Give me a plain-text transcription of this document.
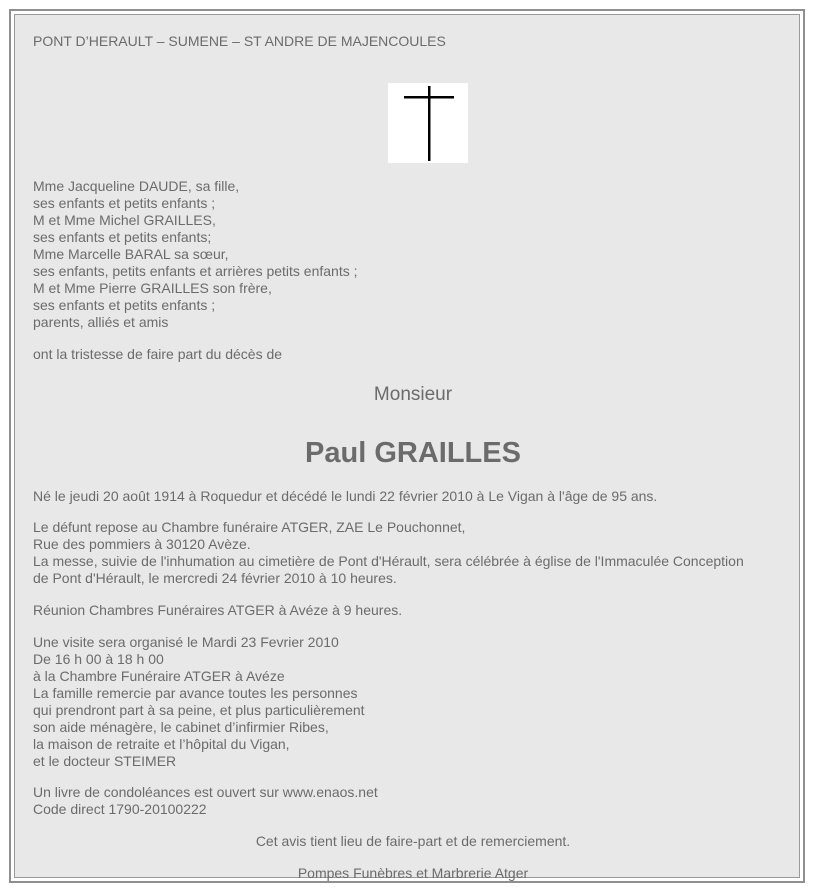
PONT D’HERAULT – SUMENE – ST ANDRE DE MAJENCOULES
Mme Jacqueline DAUDE, sa fille,
ses enfants et petits enfants ;
M et Mme Michel GRAILLES,
ses enfants et petits enfants;
Mme Marcelle BARAL sa sœur,
ses enfants, petits enfants et arrières petits enfants ;
M et Mme Pierre GRAILLES son frère,
ses enfants et petits enfants ;
parents, alliés et amis
ont la tristesse de faire part du décès de
Monsieur
Paul GRAILLES
Né le jeudi 20 août 1914 à Roquedur et décédé le lundi 22 février 2010 à Le Vigan à l'âge de 95 ans.
Le défunt repose au Chambre funéraire ATGER, ZAE Le Pouchonnet,
Rue des pommiers à 30120 Avèze.
La messe, suivie de l'inhumation au cimetière de Pont d'Hérault, sera célébrée à église de l'Immaculée Conception
de Pont d'Hérault, le mercredi 24 février 2010 à 10 heures.
Réunion Chambres Funéraires ATGER à Avéze à 9 heures.
Une visite sera organisé le Mardi 23 Fevrier 2010
De 16 h 00 à 18 h 00
à la Chambre Funéraire ATGER à Avéze
La famille remercie par avance toutes les personnes
qui prendront part à sa peine, et plus particulièrement
son aide ménagère, le cabinet d’infirmier Ribes,
la maison de retraite et l’hôpital du Vigan,
et le docteur STEIMER
Un livre de condoléances est ouvert sur www.enaos.net
Code direct 1790-20100222
Cet avis tient lieu de faire-part et de remerciement.
Pompes Funèbres et Marbrerie Atger
